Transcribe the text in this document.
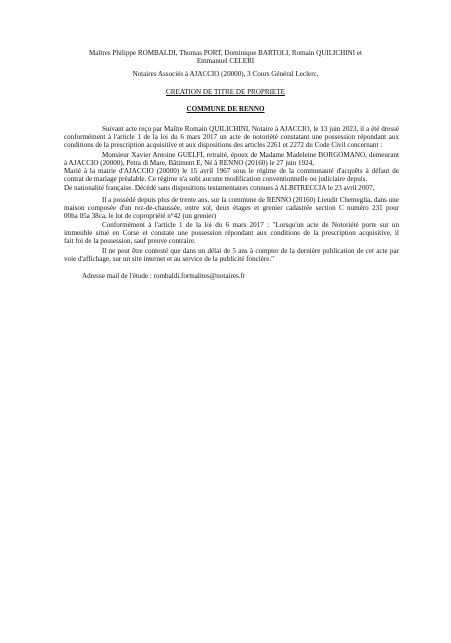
Maîtres Philippe ROMBALDI, Thomas PORT, Dominique BARTOLI, Romain QUILICHINI et
Emmanuel CELERI
Notaires Associés à AJACCIO (20000), 3 Cours Général Leclerc,
CREATION DE TITRE DE PROPRIETE
COMMUNE DE RENNO
Suivant acte reçu par Maître Romain QUILICHINI, Notaire à AJACCIO, le 13 juin 2023, il a été dressé
conformément à l'article 1 de la loi du 6 mars 2017 un acte de notoriété constatant une possession répondant aux
conditions de la prescription acquisitive et aux dispositions des articles 2261 et 2272 du Code Civil concernant :
Monsieur Xavier Antoine GUELFI, retraité, époux de Madame Madeleine BORGOMANO, demeurant
à AJACCIO (20000), Petra di Mare, Bâtiment E, Né à RENNO (20160) le 27 juin 1924,
Marié à la mairie d'AJACCIO (20000) le 15 avril 1967 sous le régime de la communauté d'acquêts à défaut de
contrat de mariage préalable. Ce régime n'a subi aucune modification conventionnelle ou judiciaire depuis.
De nationalité française. Décédé sans dispositions testamentaires connues à ALBITRECCIA le 23 avril 2007,
Il a possédé depuis plus de trente ans, sur la commune de RENNO (20160) Lieudit Chemeglia, dans une
maison composée d'un rez-de-chaussée, entre sol, deux étages et grenier cadastrée section C numéro 231 pour
00ha 05a 38ca, le lot de copropriété n°42 (un grenier)
Conformément à l'article 1 de la loi du 6 mars 2017 : "Lorsqu'un acte de Notoriété porte sur un
immeuble situé en Corse et constate une possession répondant aux conditions de la prescription acquisitive, il
fait foi de la possession, sauf preuve contraire.
Il ne peut être contesté que dans un délai de 5 ans à compter de la dernière publication de cet acte par
voie d'affichage, sur un site internet et au service de la publicité foncière."
Adresse mail de l'étude : rombaldi.formalites@notaires.fr
